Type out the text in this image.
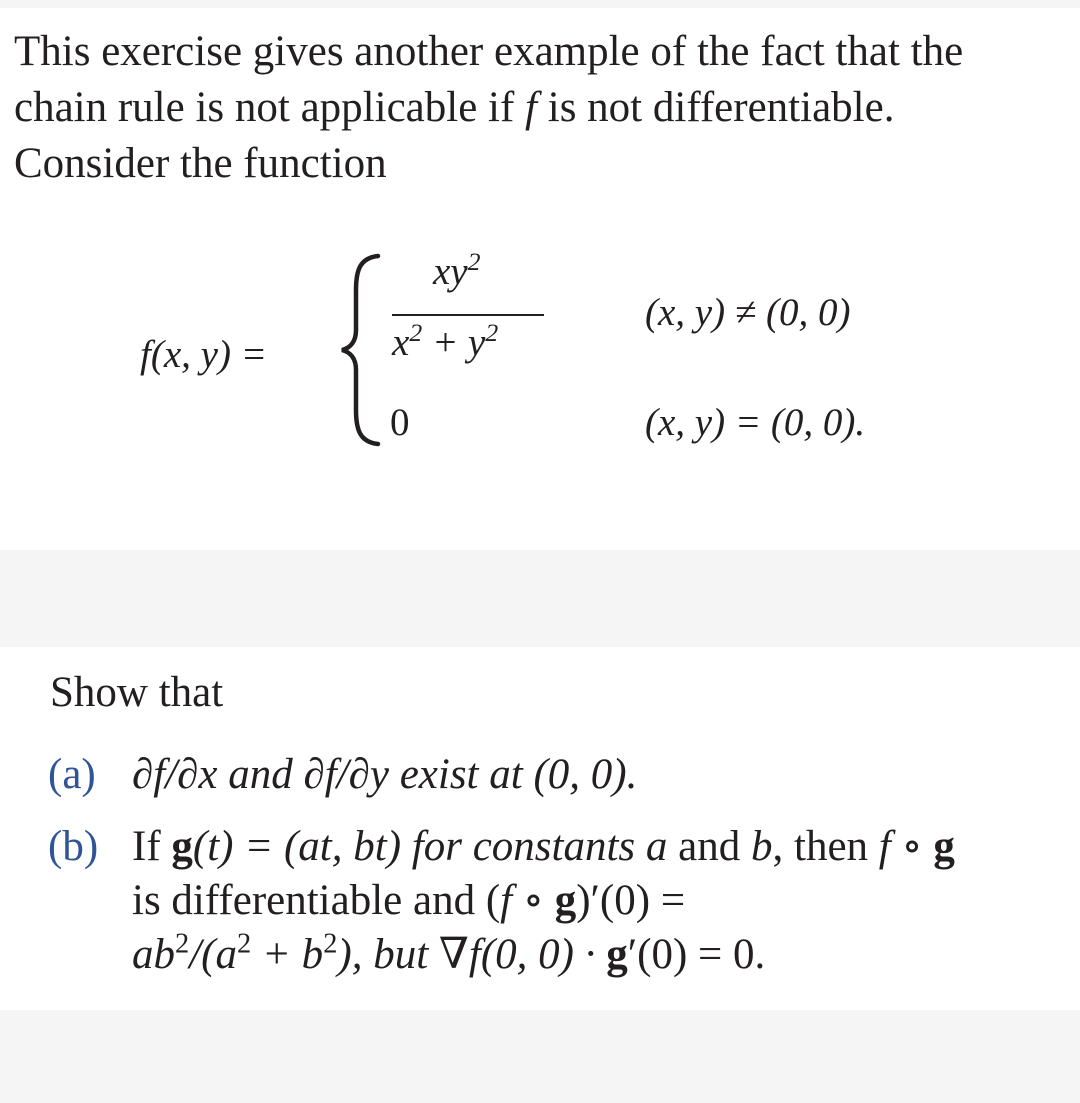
This exercise gives another example of the fact that the
chain rule is not applicable if f is not differentiable.
Consider the function
f(x, y) =
$xy^2$
$x^2 + y^2$
0
(x, y) ≠ (0, 0)
(x, y) = (0, 0).
Show that
(a) ∂f/∂x and ∂f/∂y exist at (0, 0).
(b) If g(t) = (at, bt) for constants a and b, then f ∘ g
is differentiable and (f ∘ g)′(0) =
$ab^2/(a^2 + b^2)$, but ∇f(0, 0) · g′(0) = 0.
